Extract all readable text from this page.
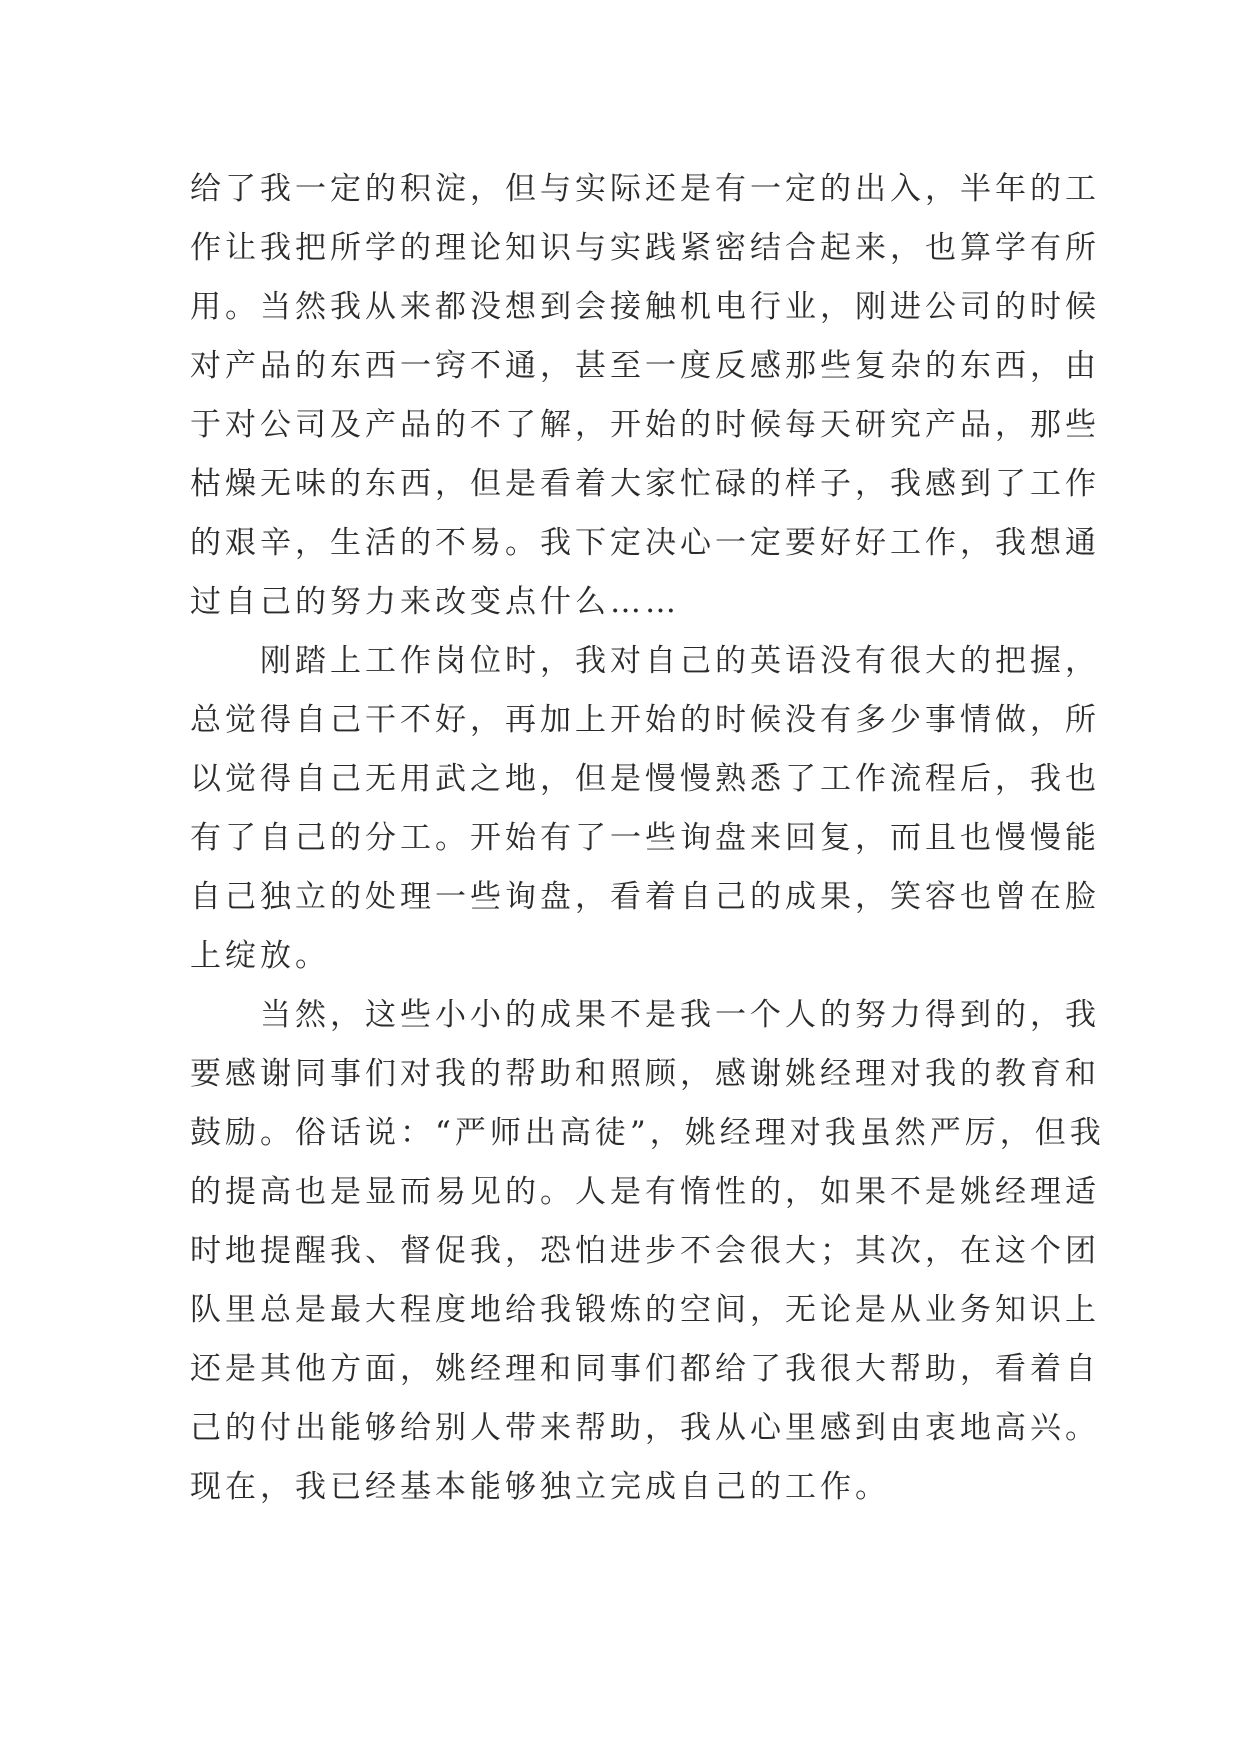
给了我一定的积淀，但与实际还是有一定的出入，半年的工
作让我把所学的理论知识与实践紧密结合起来，也算学有所
用。当然我从来都没想到会接触机电行业，刚进公司的时候
对产品的东西一窍不通，甚至一度反感那些复杂的东西，由
于对公司及产品的不了解，开始的时候每天研究产品，那些
枯燥无味的东西，但是看着大家忙碌的样子，我感到了工作
的艰辛，生活的不易。我下定决心一定要好好工作，我想通
过自己的努力来改变点什么……
刚踏上工作岗位时，我对自己的英语没有很大的把握，
总觉得自己干不好，再加上开始的时候没有多少事情做，所
以觉得自己无用武之地，但是慢慢熟悉了工作流程后，我也
有了自己的分工。开始有了一些询盘来回复，而且也慢慢能
自己独立的处理一些询盘，看着自己的成果，笑容也曾在脸
上绽放。
当然，这些小小的成果不是我一个人的努力得到的，我
要感谢同事们对我的帮助和照顾，感谢姚经理对我的教育和
鼓励。俗话说：“严师出高徒”，姚经理对我虽然严厉，但我
的提高也是显而易见的。人是有惰性的，如果不是姚经理适
时地提醒我、督促我，恐怕进步不会很大；其次，在这个团
队里总是最大程度地给我锻炼的空间，无论是从业务知识上
还是其他方面，姚经理和同事们都给了我很大帮助，看着自
己的付出能够给别人带来帮助，我从心里感到由衷地高兴。
现在，我已经基本能够独立完成自己的工作。
